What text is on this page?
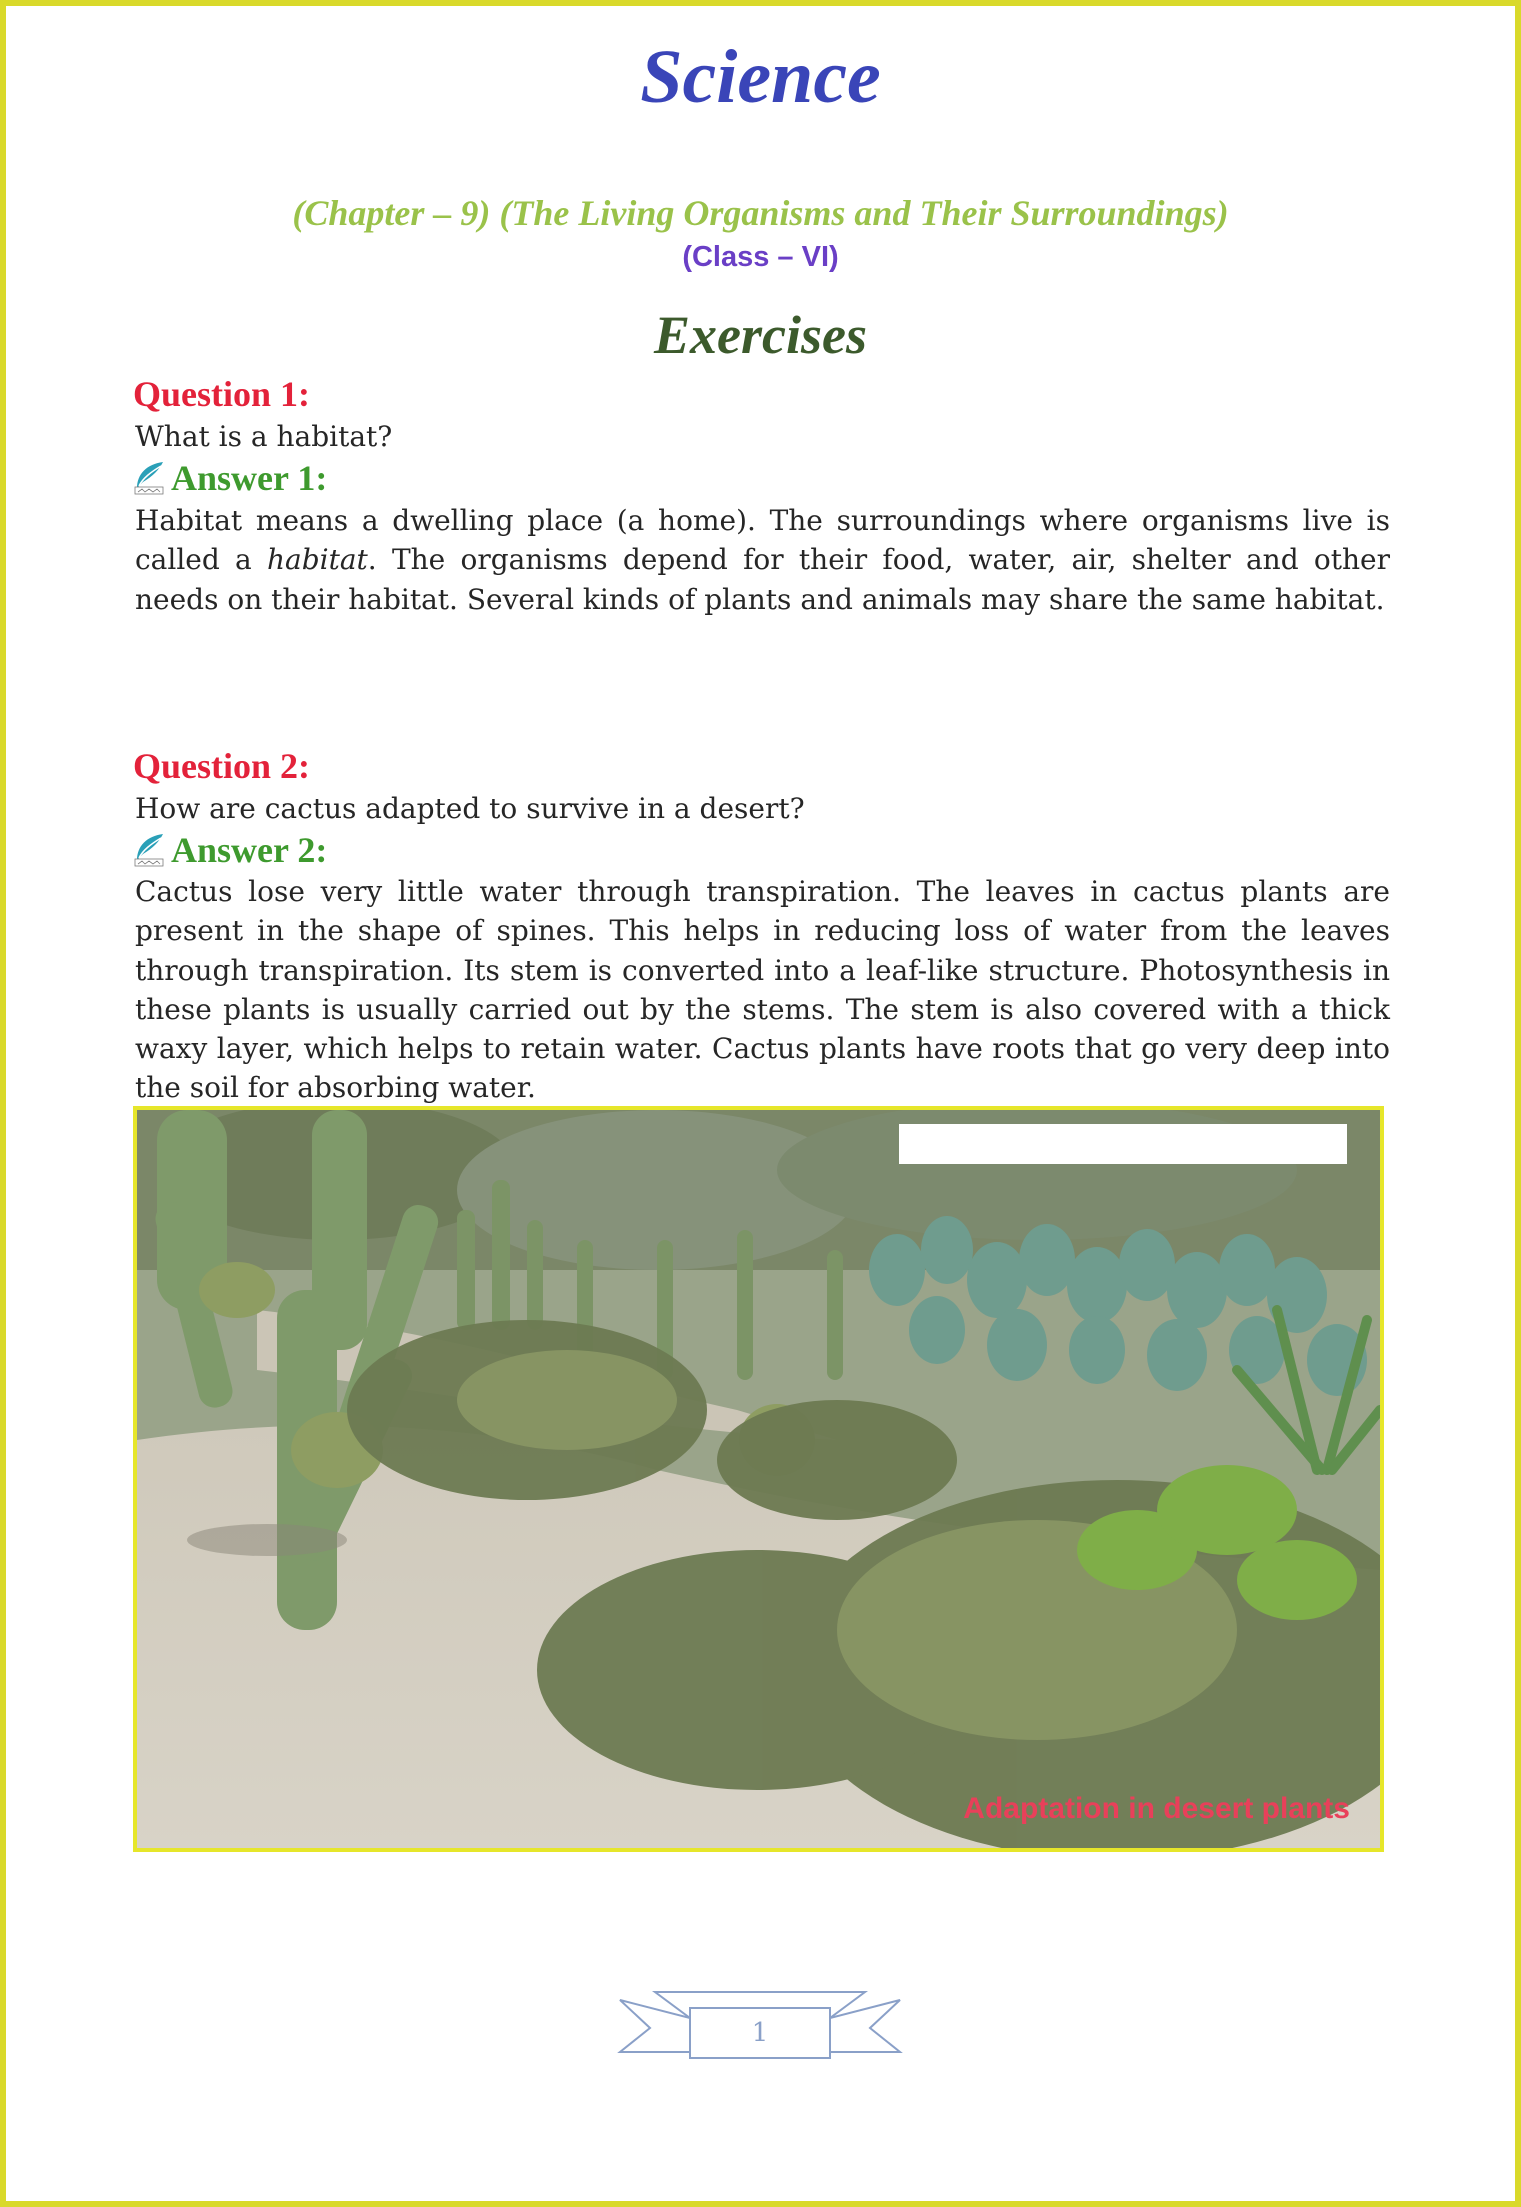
Science
(Chapter – 9) (The Living Organisms and Their Surroundings)
(Class – VI)
Exercises
Question 1:
What is a habitat?
Answer 1:

Habitat means a dwelling place (a home). The surroundings where organisms live is called a habitat. The organisms depend for their food, water, air, shelter and other needs on their habitat. Several kinds of plants and animals may share the same habitat.

Question 2:
How are cactus adapted to survive in a desert?
Answer 2:

Cactus lose very little water through transpiration. The leaves in cactus plants are present in the shape of spines. This helps in reducing loss of water from the leaves through transpiration. Its stem is converted into a leaf-like structure. Photosynthesis in these plants is usually carried out by the stems. The stem is also covered with a thick waxy layer, which helps to retain water. Cactus plants have roots that go very deep into the soil for absorbing water.

Adaptation in desert plants
1
